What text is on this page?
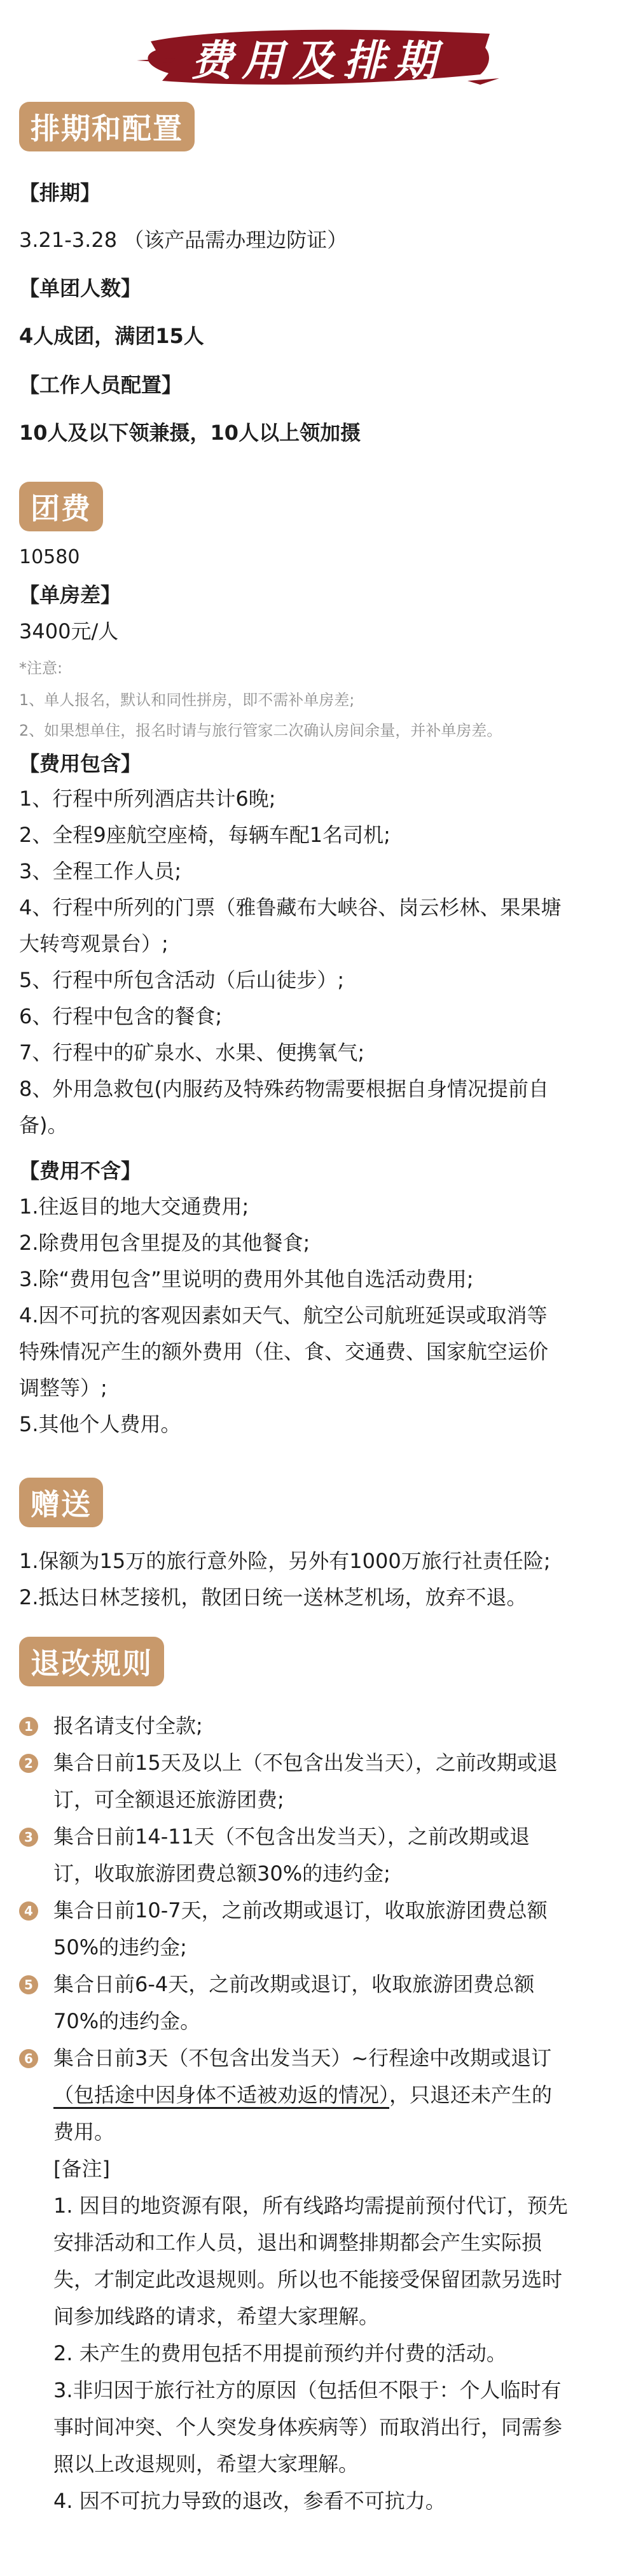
费用及排期
排期和配置
【排期】
3.21-3.28 （该产品需办理边防证）
【单团人数】
4人成团，满团15人
【工作人员配置】
10人及以下领兼摄，10人以上领加摄
团费
10580
【单房差】
3400元/人
*注意:
1、单人报名，默认和同性拼房，即不需补单房差;
2、如果想单住，报名时请与旅行管家二次确认房间余量，并补单房差。
【费用包含】
1、行程中所列酒店共计6晚;
2、全程9座航空座椅，每辆车配1名司机;
3、全程工作人员;
4、行程中所列的门票（雅鲁藏布大峡谷、岗云杉林、果果塘
大转弯观景台）;
5、行程中所包含活动（后山徒步）;
6、行程中包含的餐食;
7、行程中的矿泉水、水果、便携氧气;
8、外用急救包(内服药及特殊药物需要根据自身情况提前自
备)。
【费用不含】
1.往返目的地大交通费用;
2.除费用包含里提及的其他餐食;
3.除“费用包含”里说明的费用外其他自选活动费用;
4.因不可抗的客观因素如天气、航空公司航班延误或取消等
特殊情况产生的额外费用（住、食、交通费、国家航空运价
调整等）;
5.其他个人费用。
赠送
1.保额为15万的旅行意外险，另外有1000万旅行社责任险;
2.抵达日林芝接机，散团日统一送林芝机场，放弃不退。
退改规则
1 报名请支付全款;
2 集合日前15天及以上（不包含出发当天），之前改期或退
订，可全额退还旅游团费;
3 集合日前14-11天（不包含出发当天），之前改期或退
订，收取旅游团费总额30%的违约金;
4 集合日前10-7天，之前改期或退订，收取旅游团费总额
50%的违约金;
5 集合日前6-4天，之前改期或退订，收取旅游团费总额
70%的违约金。
6 集合日前3天（不包含出发当天）~行程途中改期或退订
（包括途中因身体不适被劝返的情况），只退还未产生的
费用。
[备注]
1. 因目的地资源有限，所有线路均需提前预付代订，预先
安排活动和工作人员，退出和调整排期都会产生实际损
失，才制定此改退规则。所以也不能接受保留团款另选时
间参加线路的请求，希望大家理解。
2. 未产生的费用包括不用提前预约并付费的活动。
3.非归因于旅行社方的原因（包括但不限于：个人临时有
事时间冲突、个人突发身体疾病等）而取消出行，同需参
照以上改退规则，希望大家理解。
4. 因不可抗力导致的退改，参看不可抗力。
